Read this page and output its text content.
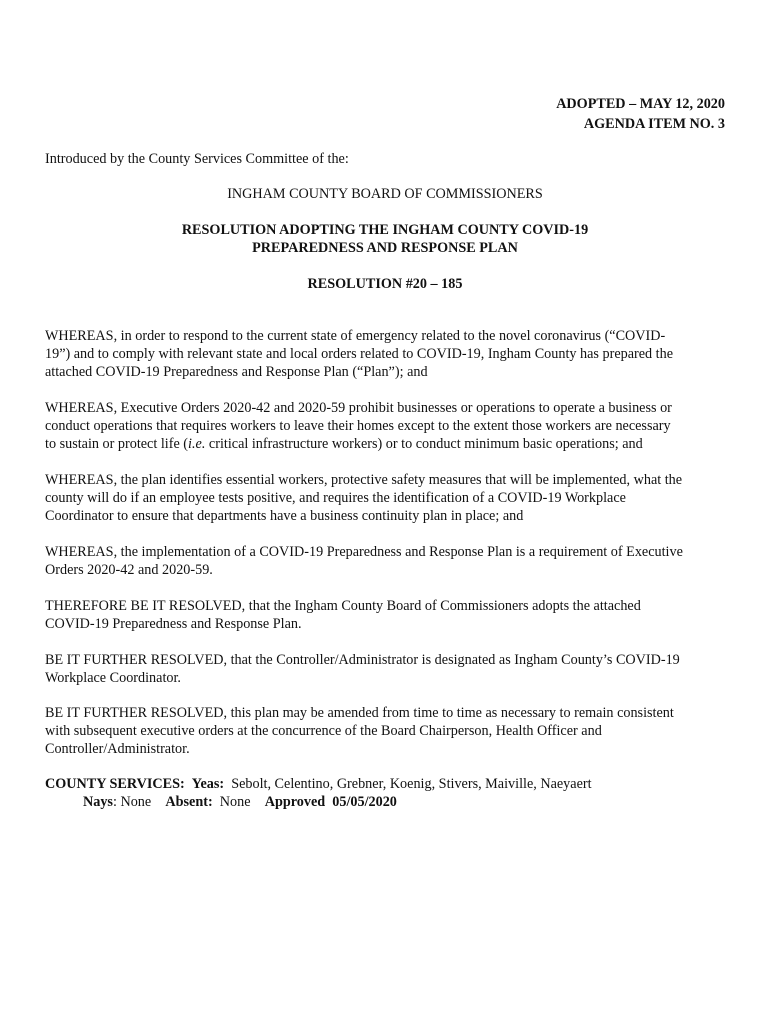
ADOPTED – MAY 12, 2020

AGENDA ITEM NO. 3

Introduced by the County Services Committee of the:

INGHAM COUNTY BOARD OF COMMISSIONERS

RESOLUTION ADOPTING THE INGHAM COUNTY COVID-19

PREPAREDNESS AND RESPONSE PLAN

RESOLUTION #20 – 185

WHEREAS, in order to respond to the current state of emergency related to the novel coronavirus (“COVID-
19”) and to comply with relevant state and local orders related to COVID-19, Ingham County has prepared the
attached COVID-19 Preparedness and Response Plan (“Plan”); and
WHEREAS, Executive Orders 2020-42 and 2020-59 prohibit businesses or operations to operate a business or
conduct operations that requires workers to leave their homes except to the extent those workers are necessary
to sustain or protect life (i.e. critical infrastructure workers) or to conduct minimum basic operations; and
WHEREAS, the plan identifies essential workers, protective safety measures that will be implemented, what the
county will do if an employee tests positive, and requires the identification of a COVID-19 Workplace
Coordinator to ensure that departments have a business continuity plan in place; and
WHEREAS, the implementation of a COVID-19 Preparedness and Response Plan is a requirement of Executive
Orders 2020-42 and 2020-59.
THEREFORE BE IT RESOLVED, that the Ingham County Board of Commissioners adopts the attached
COVID-19 Preparedness and Response Plan.
BE IT FURTHER RESOLVED, that the Controller/Administrator is designated as Ingham County’s COVID-19
Workplace Coordinator.
BE IT FURTHER RESOLVED, this plan may be amended from time to time as necessary to remain consistent
with subsequent executive orders at the concurrence of the Board Chairperson, Health Officer and
Controller/Administrator.

COUNTY SERVICES: Yeas: Sebolt, Celentino, Grebner, Koenig, Stivers, Maiville, Naeyaert

Nays: None Absent: None Approved 05/05/2020
